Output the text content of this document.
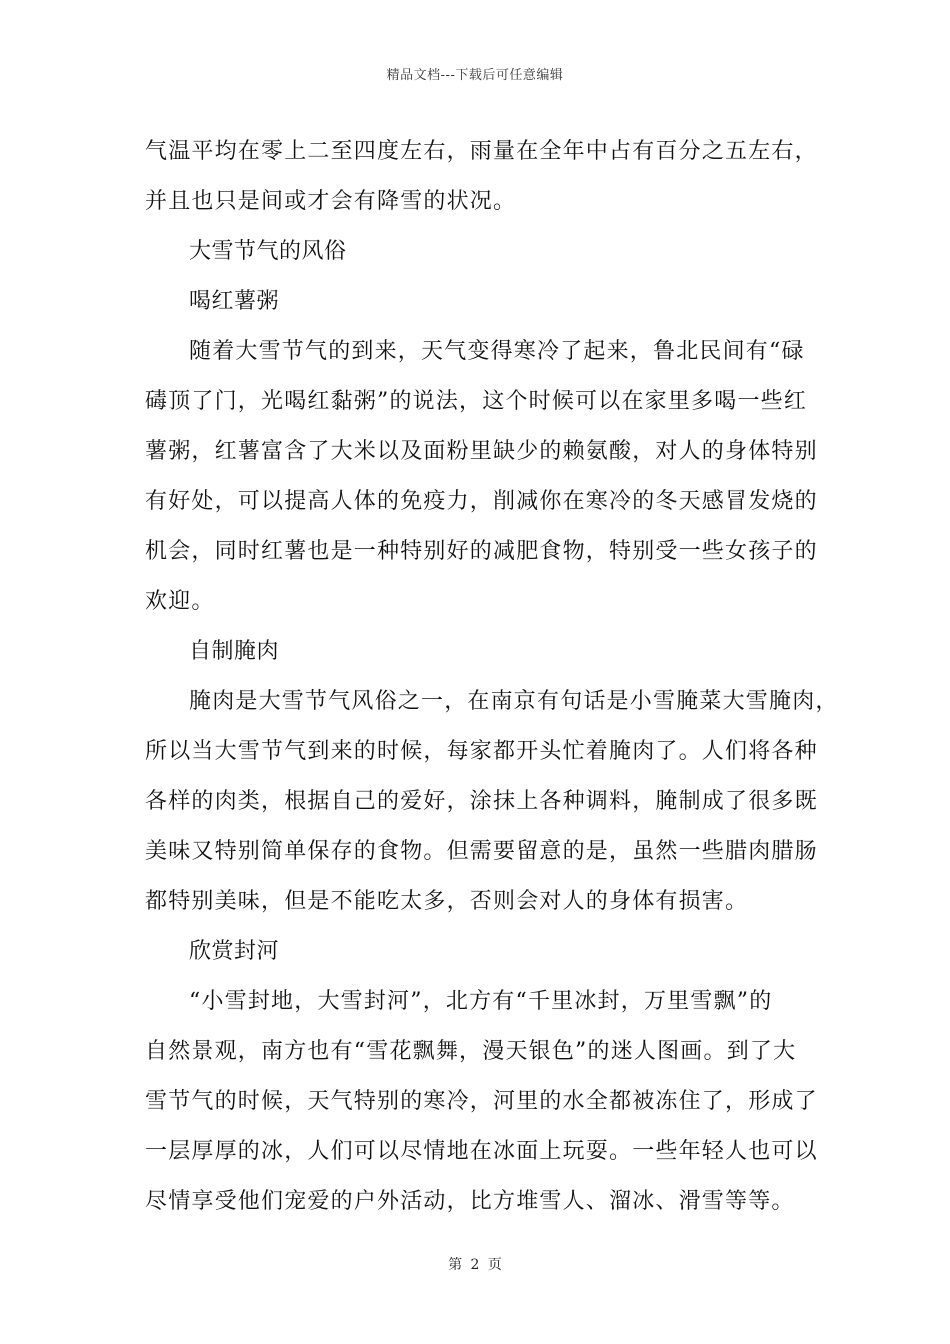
精品文档---下载后可任意编辑
气温平均在零上二至四度左右，雨量在全年中占有百分之五左右，
并且也只是间或才会有降雪的状况。
大雪节气的风俗
喝红薯粥
随着大雪节气的到来，天气变得寒冷了起来，鲁北民间有“碌
碡顶了门，光喝红黏粥”的说法，这个时候可以在家里多喝一些红
薯粥，红薯富含了大米以及面粉里缺少的赖氨酸，对人的身体特别
有好处，可以提高人体的免疫力，削减你在寒冷的冬天感冒发烧的
机会，同时红薯也是一种特别好的减肥食物，特别受一些女孩子的
欢迎。
自制腌肉
腌肉是大雪节气风俗之一，在南京有句话是小雪腌菜大雪腌肉，
所以当大雪节气到来的时候，每家都开头忙着腌肉了。人们将各种
各样的肉类，根据自己的爱好，涂抹上各种调料，腌制成了很多既
美味又特别简单保存的食物。但需要留意的是，虽然一些腊肉腊肠
都特别美味，但是不能吃太多，否则会对人的身体有损害。
欣赏封河
“小雪封地，大雪封河”，北方有“千里冰封，万里雪飘”的
自然景观，南方也有“雪花飘舞，漫天银色”的迷人图画。到了大
雪节气的时候，天气特别的寒冷，河里的水全都被冻住了，形成了
一层厚厚的冰，人们可以尽情地在冰面上玩耍。一些年轻人也可以
尽情享受他们宠爱的户外活动，比方堆雪人、溜冰、滑雪等等。
第 2 页
